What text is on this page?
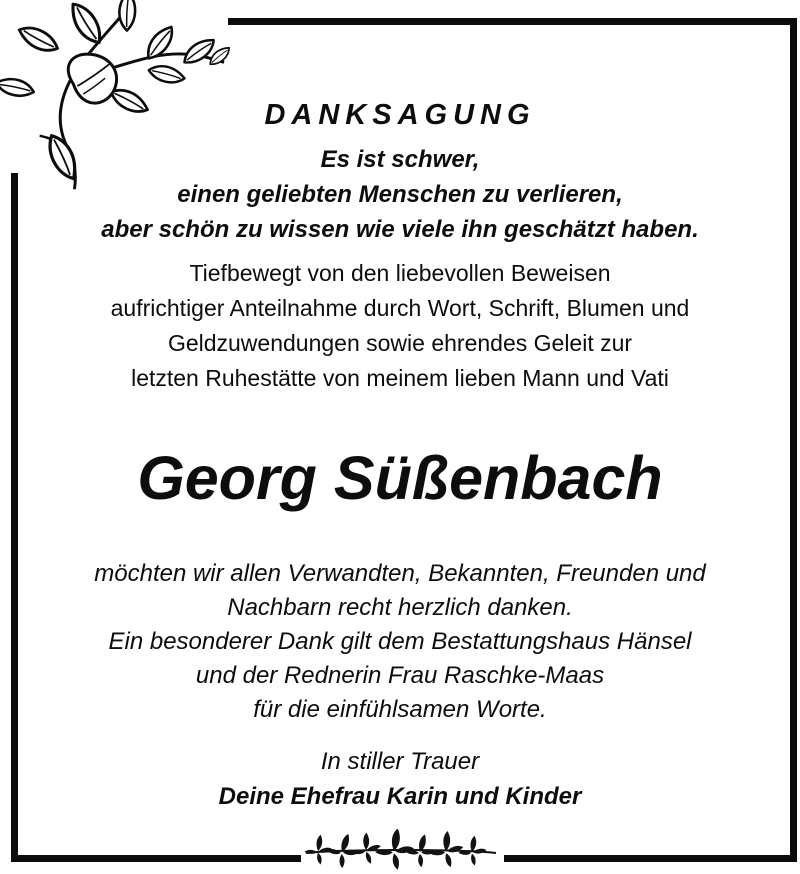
DANKSAGUNG
Es ist schwer,
einen geliebten Menschen zu verlieren,
aber schön zu wissen wie viele ihn geschätzt haben.
Tiefbewegt von den liebevollen Beweisen
aufrichtiger Anteilnahme durch Wort, Schrift, Blumen und
Geldzuwendungen sowie ehrendes Geleit zur
letzten Ruhestätte von meinem lieben Mann und Vati
Georg Süßenbach
möchten wir allen Verwandten, Bekannten, Freunden und
Nachbarn recht herzlich danken.
Ein besonderer Dank gilt dem Bestattungshaus Hänsel
und der Rednerin Frau Raschke-Maas
für die einfühlsamen Worte.
In stiller Trauer
Deine Ehefrau Karin und Kinder
